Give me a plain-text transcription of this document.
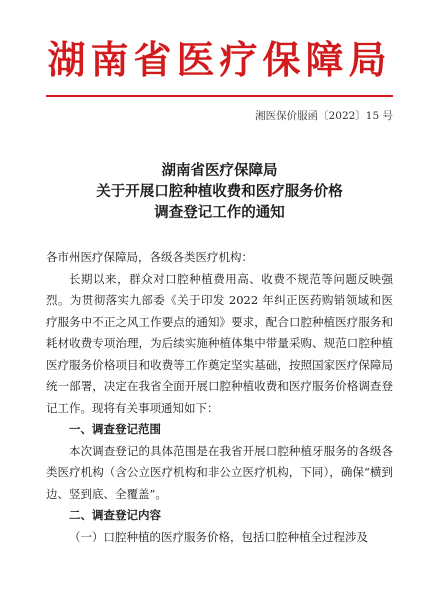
湖南省医疗保障局
湘医保价服函〔2022〕15 号
湖南省医疗保障局
关于开展口腔种植收费和医疗服务价格
调查登记工作的通知

各市州医疗保障局，各级各类医疗机构：

长期以来，群众对口腔种植费用高、收费不规范等问题反映强烈。为贯彻落实九部委《关于印发 2022 年纠正医药购销领域和医疗服务中不正之风工作要点的通知》要求，配合口腔种植医疗服务和耗材收费专项治理，为后续实施种植体集中带量采购、规范口腔种植医疗服务价格项目和收费等工作奠定坚实基础，按照国家医疗保障局统一部署，决定在我省全面开展口腔种植收费和医疗服务价格调查登记工作。现将有关事项通知如下：

一、调查登记范围

本次调查登记的具体范围是在我省开展口腔种植牙服务的各级各类医疗机构（含公立医疗机构和非公立医疗机构，下同），确保“横到边、竖到底、全覆盖”。

二、调查登记内容

（一）口腔种植的医疗服务价格，包括口腔种植全过程涉及
